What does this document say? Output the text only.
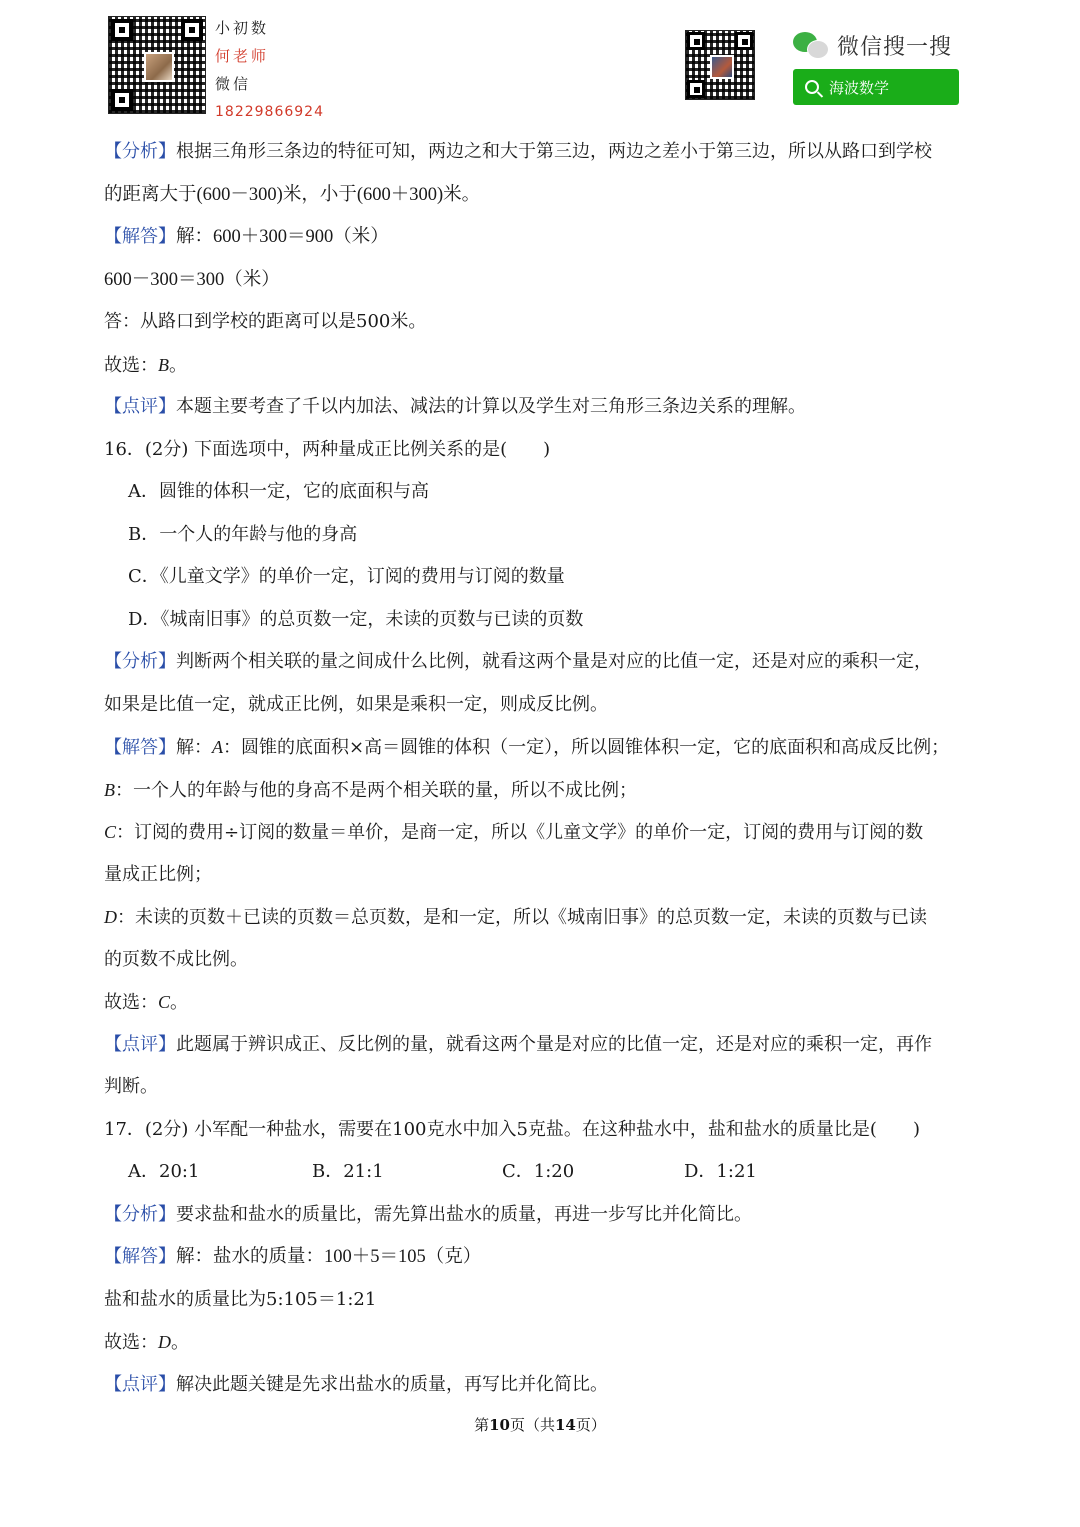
小初数
何老师
微信
18229866924
微信搜一搜
海波数学
【分析】根据三角形三条边的特征可知，两边之和大于第三边，两边之差小于第三边，所以从路口到学校
的距离大于(600－300)米，小于(600＋300)米。
【解答】解：600＋300＝900（米）
600－300＝300（米）
答：从路口到学校的距离可以是500米。
故选：B。
【点评】本题主要考查了千以内加法、减法的计算以及学生对三角形三条边关系的理解。
16．(2分) 下面选项中，两种量成正比例关系的是(　　)
A．圆锥的体积一定，它的底面积与高
B．一个人的年龄与他的身高
C．《儿童文学》的单价一定，订阅的费用与订阅的数量
D．《城南旧事》的总页数一定，未读的页数与已读的页数
【分析】判断两个相关联的量之间成什么比例，就看这两个量是对应的比值一定，还是对应的乘积一定，
如果是比值一定，就成正比例，如果是乘积一定，则成反比例。
【解答】解：A：圆锥的底面积×高＝圆锥的体积（一定），所以圆锥体积一定，它的底面积和高成反比例；
B：一个人的年龄与他的身高不是两个相关联的量，所以不成比例；
C：订阅的费用÷订阅的数量＝单价，是商一定，所以《儿童文学》的单价一定，订阅的费用与订阅的数
量成正比例；
D：未读的页数＋已读的页数＝总页数，是和一定，所以《城南旧事》的总页数一定，未读的页数与已读
的页数不成比例。
故选：C。
【点评】此题属于辨识成正、反比例的量，就看这两个量是对应的比值一定，还是对应的乘积一定，再作
判断。
17．(2分) 小军配一种盐水，需要在100克水中加入5克盐。在这种盐水中，盐和盐水的质量比是(　　)
A．20:1	B．21:1	C．1:20	D．1:21
【分析】要求盐和盐水的质量比，需先算出盐水的质量，再进一步写比并化简比。
【解答】解：盐水的质量：100＋5＝105（克）
盐和盐水的质量比为5:105＝1:21
故选：D。
【点评】解决此题关键是先求出盐水的质量，再写比并化简比。
第10页（共14页）
